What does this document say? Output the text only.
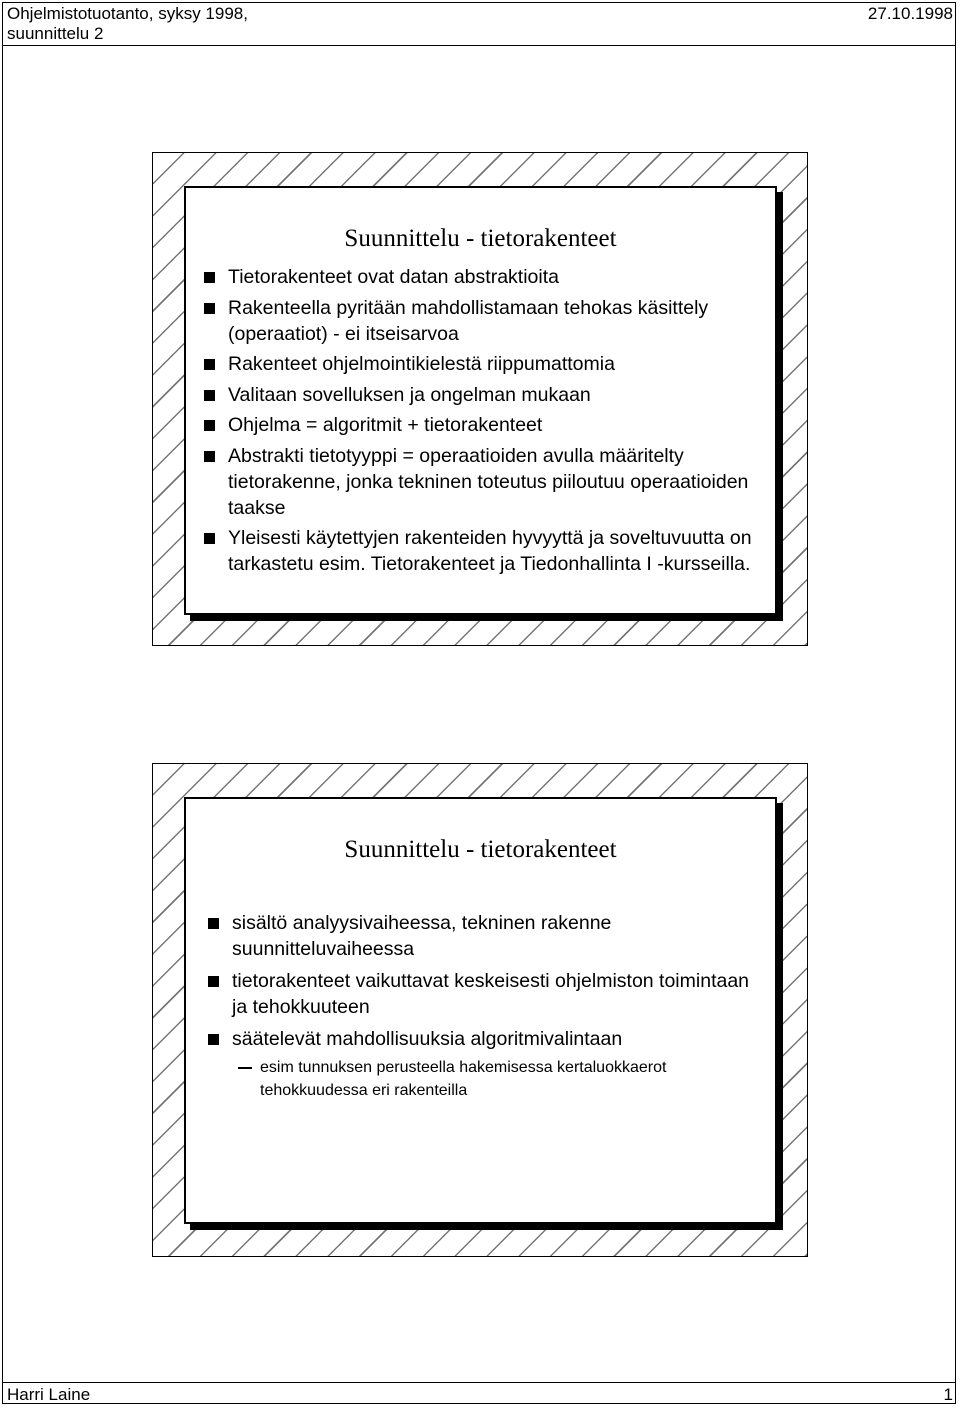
Ohjelmistotuotanto, syksy 1998,
suunnittelu 2
27.10.1998
Suunnittelu - tietorakenteet
Tietorakenteet ovat datan abstraktioita
Rakenteella pyritään mahdollistamaan tehokas käsittely (operaatiot) - ei itseisarvoa
Rakenteet ohjelmointikielestä riippumattomia
Valitaan sovelluksen ja ongelman mukaan
Ohjelma = algoritmit + tietorakenteet
Abstrakti tietotyyppi = operaatioiden avulla määritelty tietorakenne, jonka tekninen toteutus piiloutuu operaatioiden taakse
Yleisesti käytettyjen rakenteiden hyvyyttä ja soveltuvuutta on tarkastetu esim. Tietorakenteet ja Tiedonhallinta I -kursseilla.
Suunnittelu - tietorakenteet
sisältö analyysivaiheessa, tekninen rakenne suunnitteluvaiheessa
tietorakenteet vaikuttavat keskeisesti ohjelmiston toimintaan ja tehokkuuteen
säätelevät mahdollisuuksia algoritmivalintaan
esim tunnuksen perusteella hakemisessa kertaluokkaerot tehokkuudessa eri rakenteilla
Harri Laine	1
